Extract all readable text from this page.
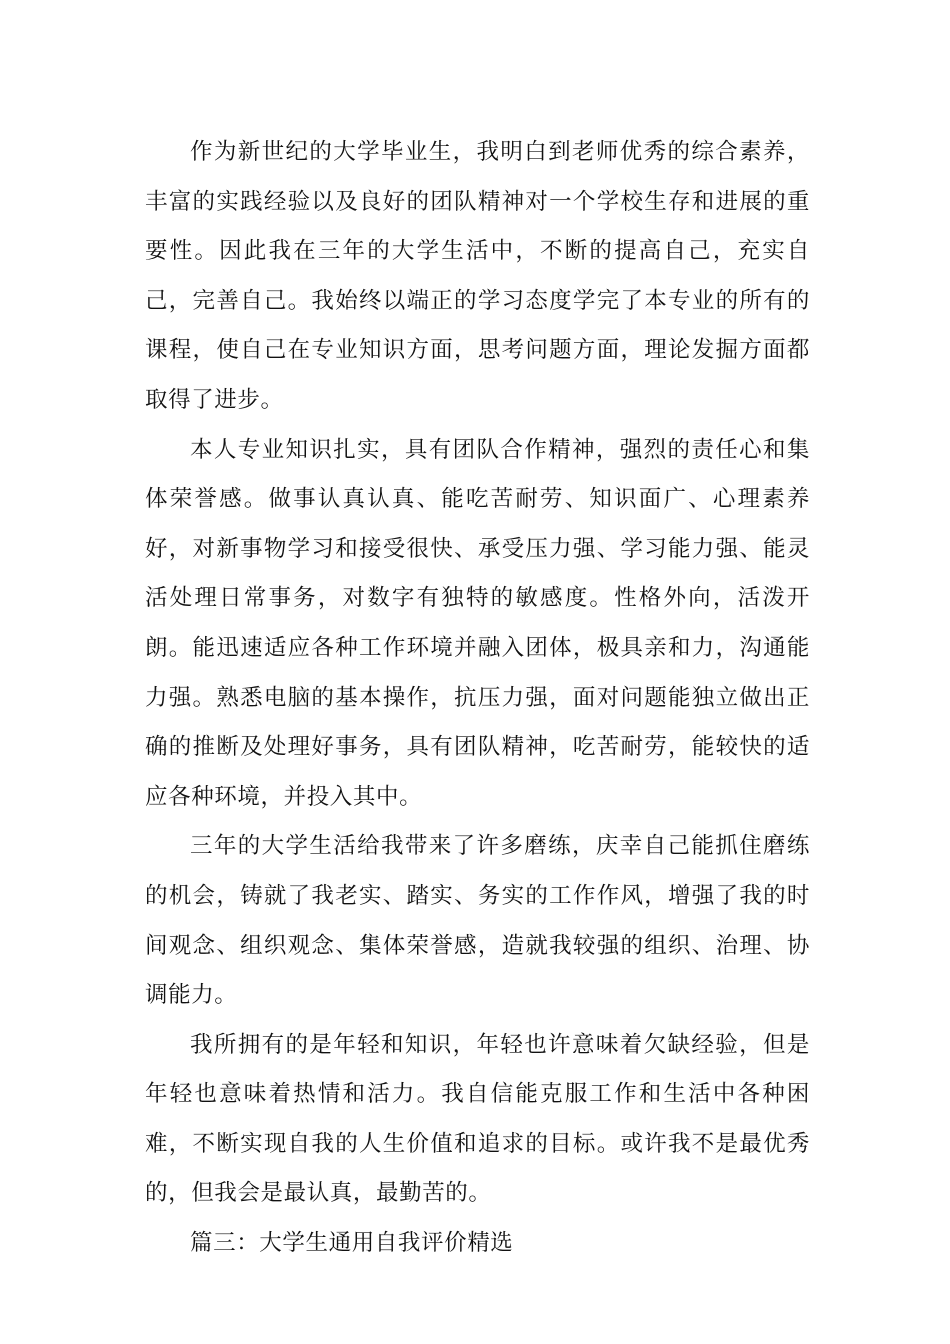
作为新世纪的大学毕业生，我明白到老师优秀的综合素养，丰富的实践经验以及良好的团队精神对一个学校生存和进展的重要性。因此我在三年的大学生活中，不断的提高自己，充实自己，完善自己。我始终以端正的学习态度学完了本专业的所有的课程，使自己在专业知识方面，思考问题方面，理论发掘方面都取得了进步。

本人专业知识扎实，具有团队合作精神，强烈的责任心和集体荣誉感。做事认真认真、能吃苦耐劳、知识面广、心理素养好，对新事物学习和接受很快、承受压力强、学习能力强、能灵活处理日常事务，对数字有独特的敏感度。性格外向，活泼开朗。能迅速适应各种工作环境并融入团体，极具亲和力，沟通能力强。熟悉电脑的基本操作，抗压力强，面对问题能独立做出正确的推断及处理好事务，具有团队精神，吃苦耐劳，能较快的适应各种环境，并投入其中。

三年的大学生活给我带来了许多磨练，庆幸自己能抓住磨练的机会，铸就了我老实、踏实、务实的工作作风，增强了我的时间观念、组织观念、集体荣誉感，造就我较强的组织、治理、协调能力。

我所拥有的是年轻和知识，年轻也许意味着欠缺经验，但是年轻也意味着热情和活力。我自信能克服工作和生活中各种困难，不断实现自我的人生价值和追求的目标。或许我不是最优秀的，但我会是最认真，最勤苦的。

篇三：大学生通用自我评价精选
